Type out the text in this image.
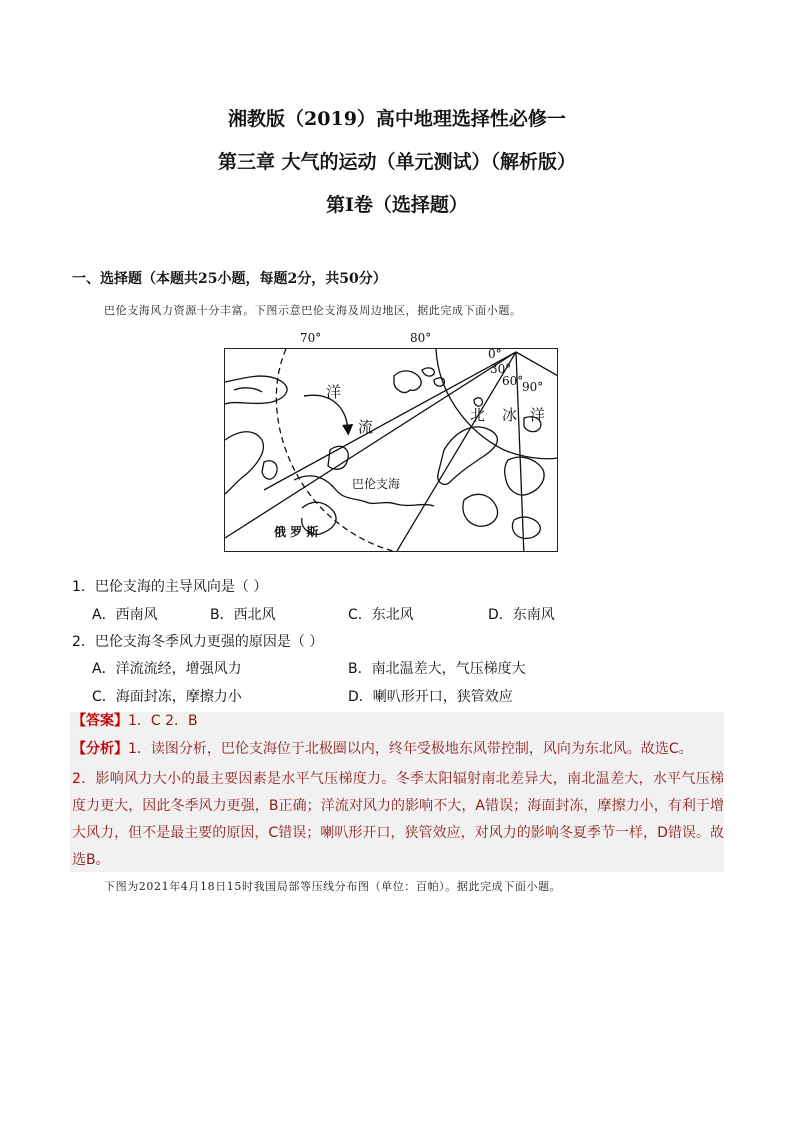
湘教版（2019）高中地理选择性必修一
第三章 大气的运动（单元测试）（解析版）
第Ⅰ卷（选择题）
一、选择题（本题共25小题，每题2分，共50分）
巴伦支海风力资源十分丰富。下图示意巴伦支海及周边地区，据此完成下面小题。
70°	80°
0°
30°
60°
90°
洋
流
北 冰 洋
巴伦支海
俄 罗 斯
1．巴伦支海的主导风向是（ ）
A．西南风	B．西北风	C．东北风	D．东南风
2．巴伦支海冬季风力更强的原因是（ ）
A．洋流流经，增强风力	B．南北温差大，气压梯度大
C．海面封冻，摩擦力小	D．喇叭形开口，狭管效应
【答案】1．C 2．B
【分析】1．读图分析，巴伦支海位于北极圈以内，终年受极地东风带控制，风向为东北风。故选C。
2．影响风力大小的最主要因素是水平气压梯度力。冬季太阳辐射南北差异大，南北温差大，水平气压梯度力更大，因此冬季风力更强，B正确；洋流对风力的影响不大，A错误；海面封冻，摩擦力小，有利于增大风力，但不是最主要的原因，C错误；喇叭形开口，狭管效应，对风力的影响冬夏季节一样，D错误。故选B。
下图为2021年4月18日15时我国局部等压线分布图（单位：百帕）。据此完成下面小题。
